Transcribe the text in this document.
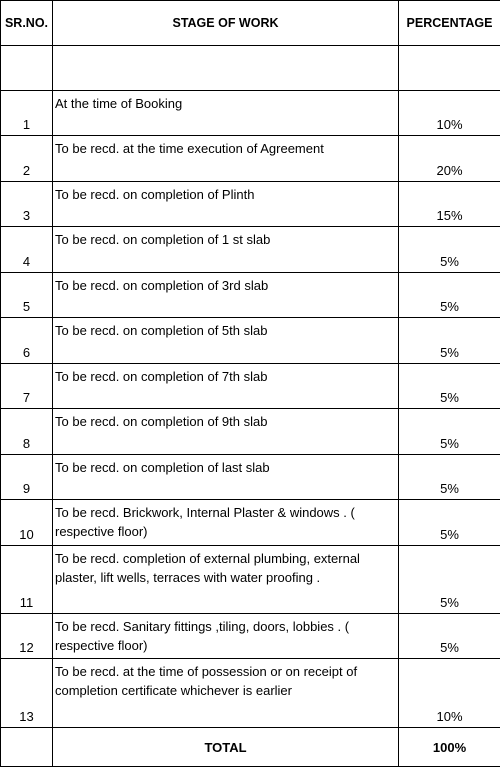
SR.NO.	STAGE OF WORK	PERCENTAGE

1	At the time of Booking	10%
2	To be recd. at the time execution of Agreement	20%
3	To be recd. on completion of Plinth	15%
4	To be recd. on completion of 1 st slab	5%
5	To be recd. on completion of 3rd slab	5%
6	To be recd. on completion of 5th slab	5%
7	To be recd. on completion of 7th slab	5%
8	To be recd. on completion of 9th slab	5%
9	To be recd. on completion of last slab	5%
10	To be recd. Brickwork, Internal Plaster & windows . ( respective floor)	5%
11	To be recd. completion of external plumbing, external plaster, lift wells, terraces with water proofing .	5%
12	To be recd. Sanitary fittings ,tiling, doors, lobbies . ( respective floor)	5%
13	To be recd. at the time of possession or on receipt of completion certificate whichever is earlier	10%
	TOTAL	100%
